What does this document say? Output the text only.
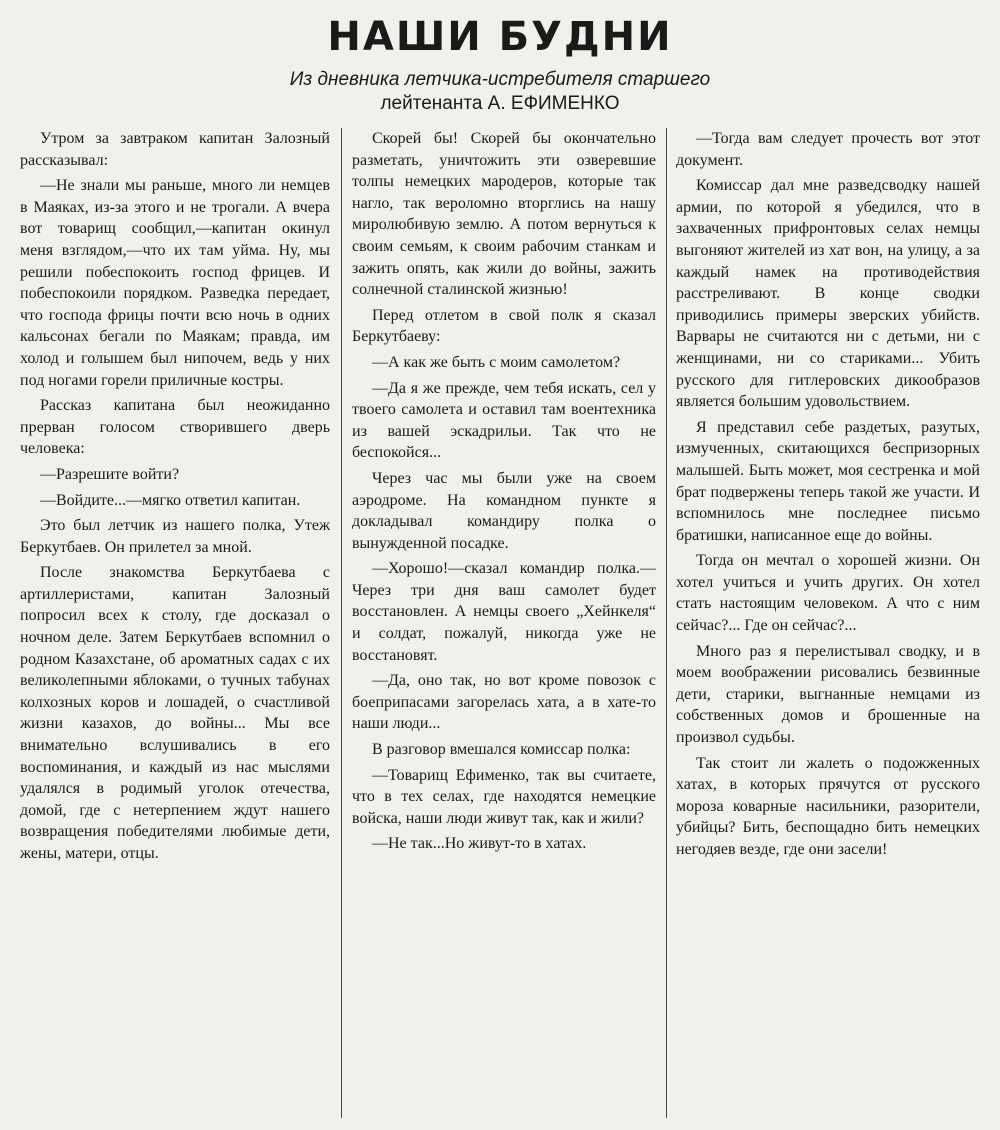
НАШИ БУДНИ
Из дневника летчика-истребителя старшего
лейтенанта А. ЕФИМЕНКО

Утром за завтраком капитан Залозный рассказывал:

—Не знали мы раньше, много ли немцев в Маяках, из-за этого и не трогали. А вчера вот товарищ сообщил,—капитан окинул меня взглядом,—что их там уйма. Ну, мы решили побеспокоить господ фрицев. И побеспокоили порядком. Разведка передает, что господа фрицы почти всю ночь в одних кальсонах бегали по Маякам; правда, им холод и голышем был нипочем, ведь у них под ногами горели приличные костры.

Рассказ капитана был неожиданно прерван голосом створившего дверь человека:

—Разрешите войти?

—Войдите...—мягко ответил капитан.

Это был летчик из нашего полка, Утеж Беркутбаев. Он прилетел за мной.

После знакомства Беркутбаева с артиллеристами, капитан Залозный попросил всех к столу, где досказал о ночном деле. Затем Беркутбаев вспомнил о родном Казахстане, об ароматных садах с их великолепными яблоками, о тучных табунах колхозных коров и лошадей, о счастливой жизни казахов, до войны... Мы все внимательно вслушивались в его воспоминания, и каждый из нас мыслями удалялся в родимый уголок отечества, домой, где с нетерпением ждут нашего возвращения победителями любимые дети, жены, матери, отцы.

Скорей бы! Скорей бы окончательно разметать, уничтожить эти озверевшие толпы немецких мародеров, которые так нагло, так вероломно вторглись на нашу миролюбивую землю. А потом вернуться к своим семьям, к своим рабочим станкам и зажить опять, как жили до войны, зажить солнечной сталинской жизнью!

Перед отлетом в свой полк я сказал Беркутбаеву:

—А как же быть с моим самолетом?

—Да я же прежде, чем тебя искать, сел у твоего самолета и оставил там воентехника из вашей эскадрильи. Так что не беспокойся...

Через час мы были уже на своем аэродроме. На командном пункте я докладывал командиру полка о вынужденной посадке.

—Хорошо!—сказал командир полка.—Через три дня ваш самолет будет восстановлен. А немцы своего „Хейнкеля“ и солдат, пожалуй, никогда уже не восстановят.

—Да, оно так, но вот кроме повозок с боеприпасами загорелась хата, а в хате-то наши люди...

В разговор вмешался комиссар полка:

—Товарищ Ефименко, так вы считаете, что в тех селах, где находятся немецкие войска, наши люди живут так, как и жили?

—Не так...Но живут-то в хатах.

—Тогда вам следует прочесть вот этот документ.

Комиссар дал мне разведсводку нашей армии, по которой я убедился, что в захваченных прифронтовых селах немцы выгоняют жителей из хат вон, на улицу, а за каждый намек на противодействия расстреливают. В конце сводки приводились примеры зверских убийств. Варвары не считаются ни с детьми, ни с женщинами, ни со стариками... Убить русского для гитлеровских дикообразов является большим удовольствием.

Я представил себе раздетых, разутых, измученных, скитающихся беспризорных малышей. Быть может, моя сестренка и мой брат подвержены теперь такой же участи. И вспомнилось мне последнее письмо братишки, написанное еще до войны.

Тогда он мечтал о хорошей жизни. Он хотел учиться и учить других. Он хотел стать настоящим человеком. А что с ним сейчас?... Где он сейчас?...

Много раз я перелистывал сводку, и в моем воображении рисовались безвинные дети, старики, выгнанные немцами из собственных домов и брошенные на произвол судьбы.

Так стоит ли жалеть о подожженных хатах, в которых прячутся от русского мороза коварные насильники, разорители, убийцы? Бить, беспощадно бить немецких негодяев везде, где они засели!
